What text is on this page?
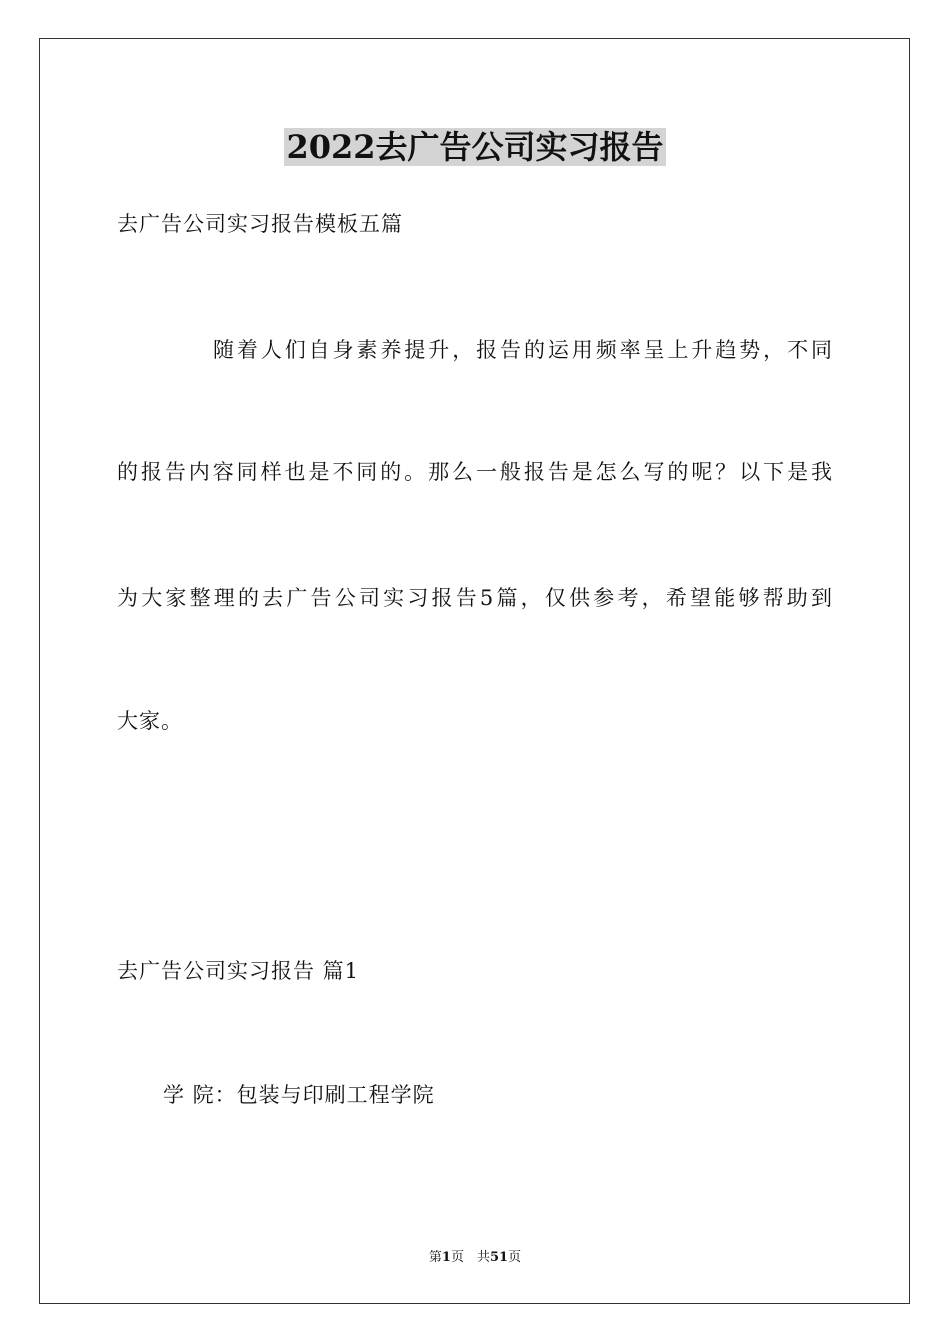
2022去广告公司实习报告
去广告公司实习报告模板五篇
随着人们自身素养提升，报告的运用频率呈上升趋势，不同
的报告内容同样也是不同的。那么一般报告是怎么写的呢？以下是我
为大家整理的去广告公司实习报告5篇，仅供参考，希望能够帮助到
大家。
去广告公司实习报告 篇1
学 院：包装与印刷工程学院
第1页　共51页
